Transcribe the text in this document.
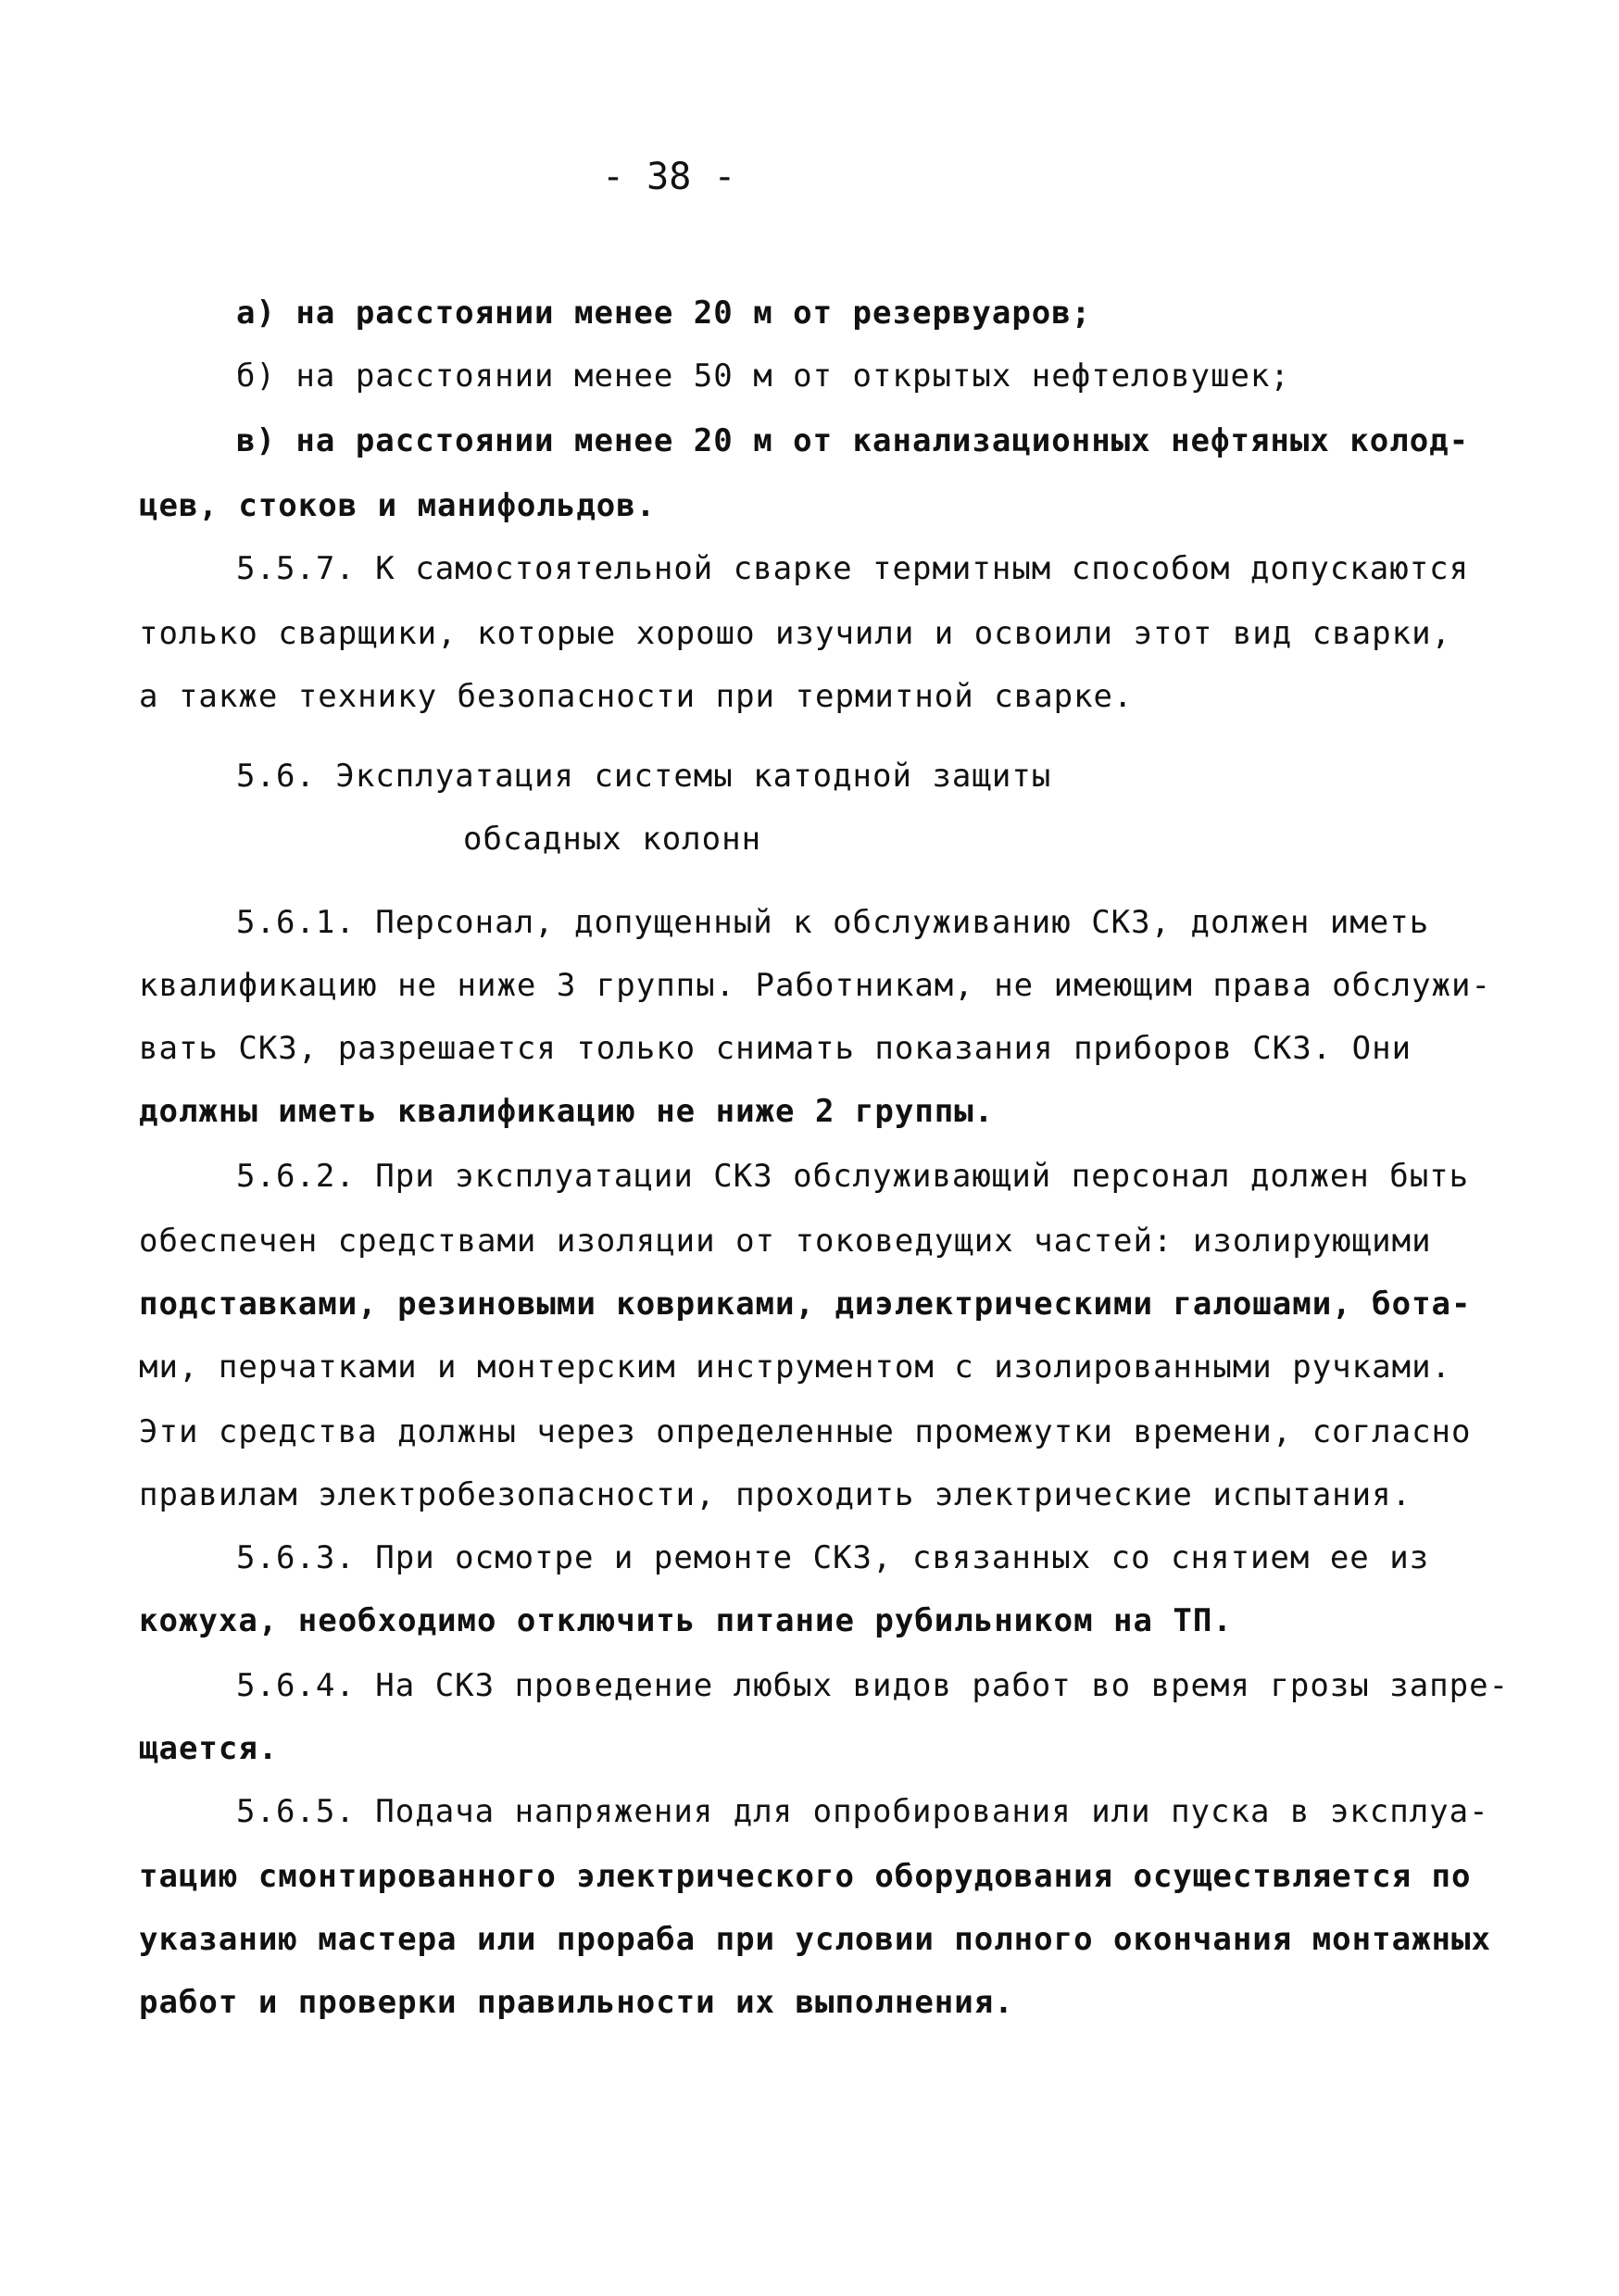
- 38 -
а) на расстоянии менее 20 м от резервуаров;
б) на расстоянии менее 50 м от открытых нефтеловушек;
в) на расстоянии менее 20 м от канализационных нефтяных колод-
цев, стоков и манифольдов.
5.5.7. К самостоятельной сварке термитным способом допускаются
только сварщики, которые хорошо изучили и освоили этот вид сварки,
а также технику безопасности при термитной сварке.
5.6. Эксплуатация системы катодной защиты
обсадных колонн
5.6.1. Персонал, допущенный к обслуживанию СКЗ, должен иметь
квалификацию не ниже 3 группы. Работникам, не имеющим права обслужи-
вать СКЗ, разрешается только снимать показания приборов СКЗ. Они
должны иметь квалификацию не ниже 2 группы.
5.6.2. При эксплуатации СКЗ обслуживающий персонал должен быть
обеспечен средствами изоляции от токоведущих частей: изолирующими
подставками, резиновыми ковриками, диэлектрическими галошами, бота-
ми, перчатками и монтерским инструментом с изолированными ручками.
Эти средства должны через определенные промежутки времени, согласно
правилам электробезопасности, проходить электрические испытания.
5.6.3. При осмотре и ремонте СКЗ, связанных со снятием ее из
кожуха, необходимо отключить питание рубильником на ТП.
5.6.4. На СКЗ проведение любых видов работ во время грозы запре-
щается.
5.6.5. Подача напряжения для опробирования или пуска в эксплуа-
тацию смонтированного электрического оборудования осуществляется по
указанию мастера или прораба при условии полного окончания монтажных
работ и проверки правильности их выполнения.
